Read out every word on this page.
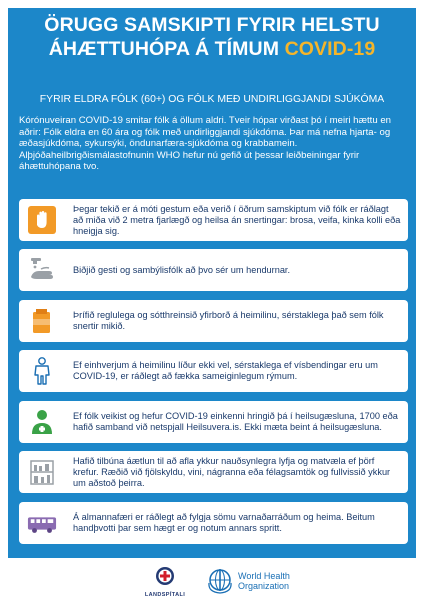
ÖRUGG SAMSKIPTI FYRIR HELSTU
ÁHÆTTUHÓPA Á TÍMUM COVID-19
FYRIR ELDRA FÓLK (60+) OG FÓLK MEÐ UNDIRLIGGJANDI SJÚKÓMA
Kórónuveiran COVID-19 smitar fólk á öllum aldri. Tveir hópar virðast þó í meiri hættu en aðrir: Fólk eldra en 60 ára og fólk með undirliggjandi sjúkdóma. Þar má nefna hjarta- og æðasjúkdóma, sykursýki, öndunarfæra-sjúkdóma og krabbamein. Alþjóðaheilbrigðismálastofnunin WHO hefur nú gefið út þessar leiðbeiningar fyrir áhættuhópana tvo.
Þegar tekið er á móti gestum eða verið í öðrum samskiptum við fólk er ráðlagt að miða við 2 metra fjarlægð og heilsa án snertingar: brosa, veifa, kinka kolli eða hneigja sig.
Biðjið gesti og sambýlisfólk að þvo sér um hendurnar.
Þrífið reglulega og sótthreinsið yfirborð á heimilinu, sérstaklega það sem fólk snertir mikið.
Ef einhverjum á heimilinu líður ekki vel, sérstaklega ef vísbendingar eru um COVID-19, er ráðlegt að fækka sameiginlegum rýmum.
Ef fólk veikist og hefur COVID-19 einkenni hringið þá í heilsugæsluna, 1700 eða hafið samband við netspjall Heilsuvera.is. Ekki mæta beint á heilsugæsluna.
Hafið tilbúna áætlun til að afla ykkur nauðsynlegra lyfja og matvæla ef þörf krefur. Ræðið við fjölskyldu, vini, nágranna eða félagsamtök og fullvissið ykkur um aðstoð þeirra.
Á almannafæri er ráðlegt að fylgja sömu varnaðarráðum og heima. Beitum handþvotti þar sem hægt er og notum annars spritt.
LANDSPÍTALI
World Health
Organization
